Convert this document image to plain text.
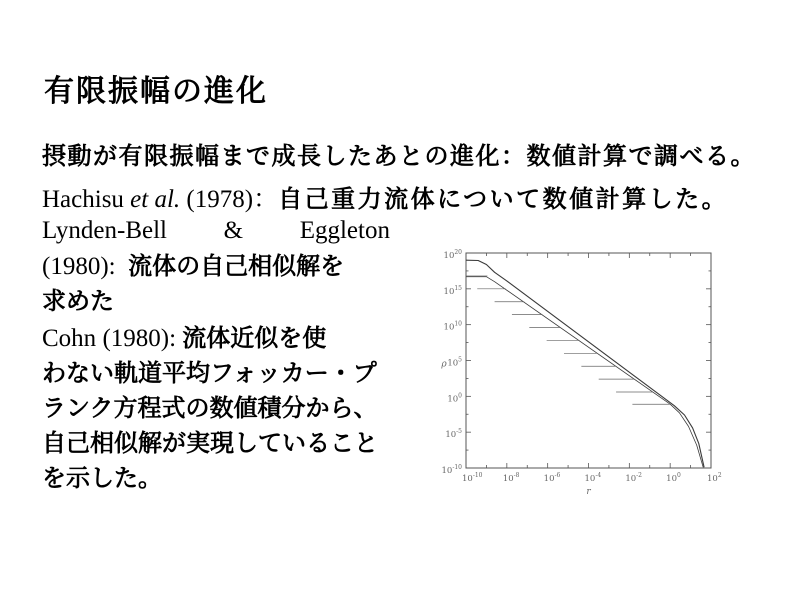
有限振幅の進化
摂動が有限振幅まで成長したあとの進化：数値計算で調べる。
Hachisu et al. (1978)：自己重力流体について数値計算した。
Lynden-Bell & Eggleton
(1980): 流体の自己相似解を
求めた
Cohn (1980): 流体近似を使
わない軌道平均フォッカー・プ
ランク方程式の数値積分から、
自己相似解が実現していること
を示した。
$10^{20}$
$10^{15}$
$10^{10}$
$10^5$
$10^0$
$10^{-5}$
$10^{-10}$
$10^{-10}$ $10^{-8}$	$10^{-6}$	$10^{-4}$	$10^{-2}$	$10^0$	$10^2$
ρ
r
